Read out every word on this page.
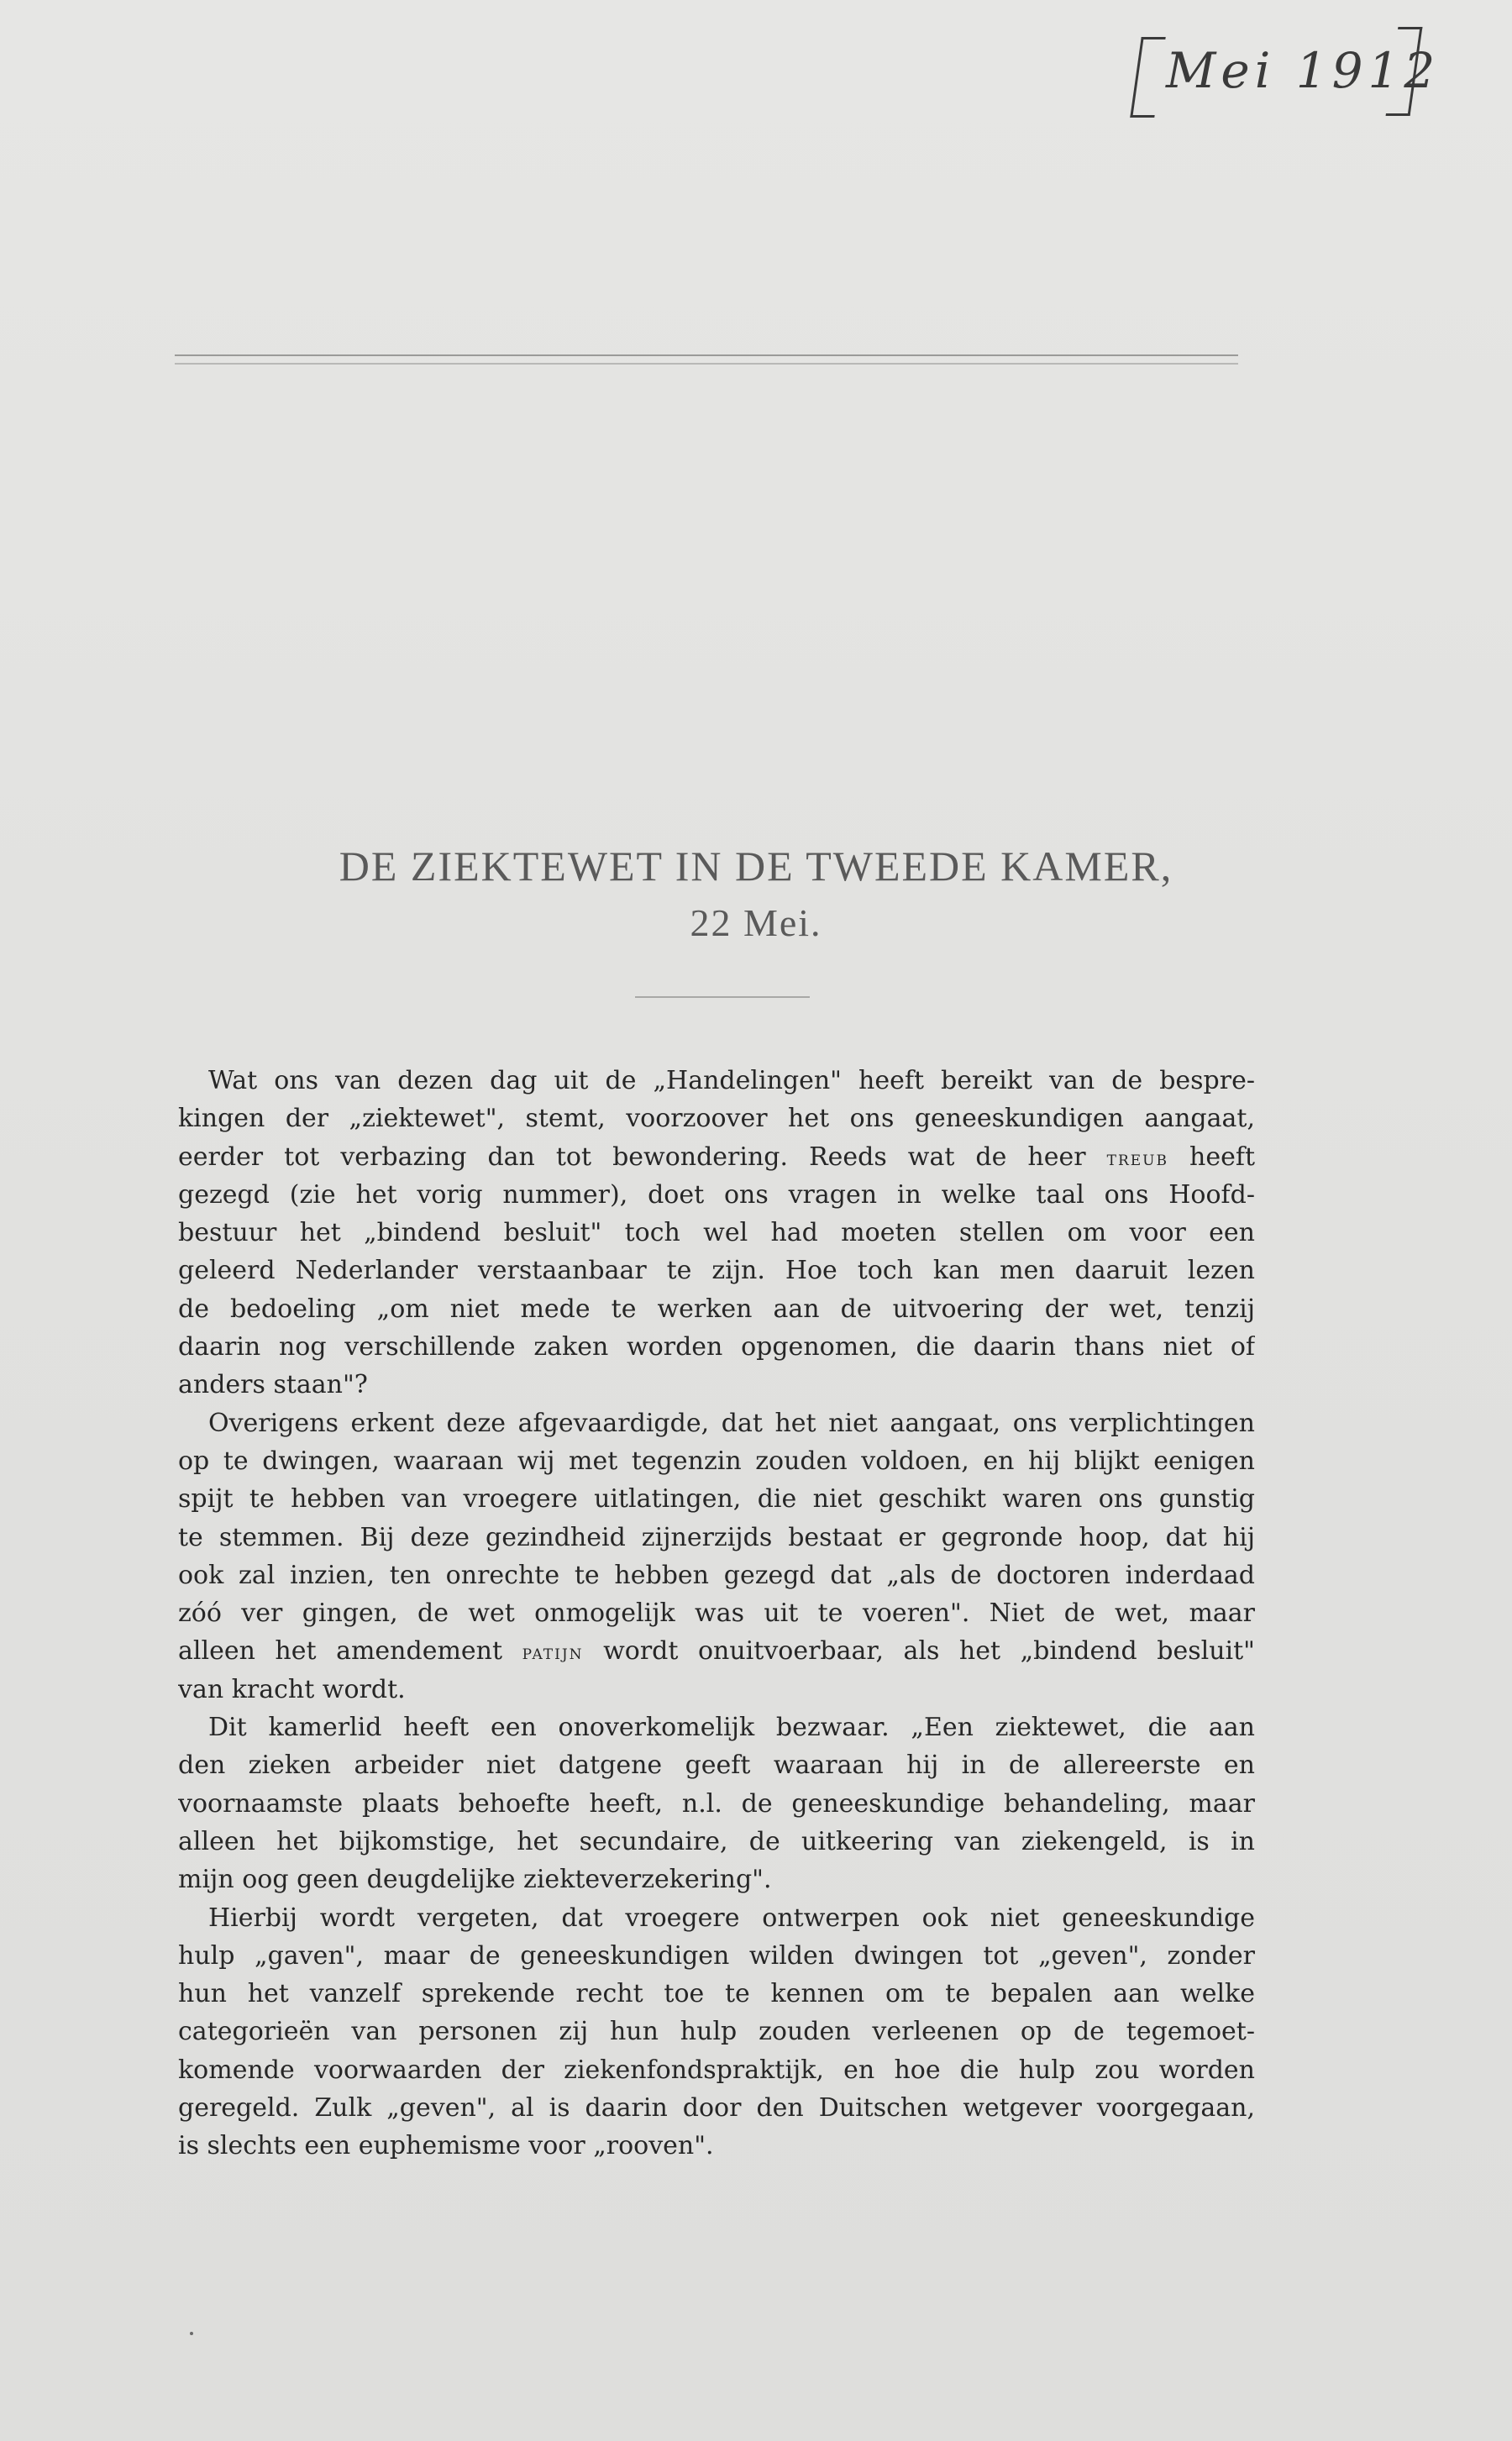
Mei 1912
DE ZIEKTEWET IN DE TWEEDE KAMER,
22 Mei.
Wat ons van dezen dag uit de „Handelingen" heeft bereikt van de bespre-
kingen der „ziektewet", stemt, voorzoover het ons geneeskundigen aangaat,
eerder tot verbazing dan tot bewondering. Reeds wat de heer treub heeft
gezegd (zie het vorig nummer), doet ons vragen in welke taal ons Hoofd-
bestuur het „bindend besluit" toch wel had moeten stellen om voor een
geleerd Nederlander verstaanbaar te zijn. Hoe toch kan men daaruit lezen
de bedoeling „om niet mede te werken aan de uitvoering der wet, tenzij
daarin nog verschillende zaken worden opgenomen, die daarin thans niet of
anders staan"?
Overigens erkent deze afgevaardigde, dat het niet aangaat, ons verplichtingen
op te dwingen, waaraan wij met tegenzin zouden voldoen, en hij blijkt eenigen
spijt te hebben van vroegere uitlatingen, die niet geschikt waren ons gunstig
te stemmen. Bij deze gezindheid zijnerzijds bestaat er gegronde hoop, dat hij
ook zal inzien, ten onrechte te hebben gezegd dat „als de doctoren inderdaad
zóó ver gingen, de wet onmogelijk was uit te voeren". Niet de wet, maar
alleen het amendement patijn wordt onuitvoerbaar, als het „bindend besluit"
van kracht wordt.
Dit kamerlid heeft een onoverkomelijk bezwaar. „Een ziektewet, die aan
den zieken arbeider niet datgene geeft waaraan hij in de allereerste en
voornaamste plaats behoefte heeft, n.l. de geneeskundige behandeling, maar
alleen het bijkomstige, het secundaire, de uitkeering van ziekengeld, is in
mijn oog geen deugdelijke ziekteverzekering".
Hierbij wordt vergeten, dat vroegere ontwerpen ook niet geneeskundige
hulp „gaven", maar de geneeskundigen wilden dwingen tot „geven", zonder
hun het vanzelf sprekende recht toe te kennen om te bepalen aan welke
categorieën van personen zij hun hulp zouden verleenen op de tegemoet-
komende voorwaarden der ziekenfondspraktijk, en hoe die hulp zou worden
geregeld. Zulk „geven", al is daarin door den Duitschen wetgever voorgegaan,
is slechts een euphemisme voor „rooven".
